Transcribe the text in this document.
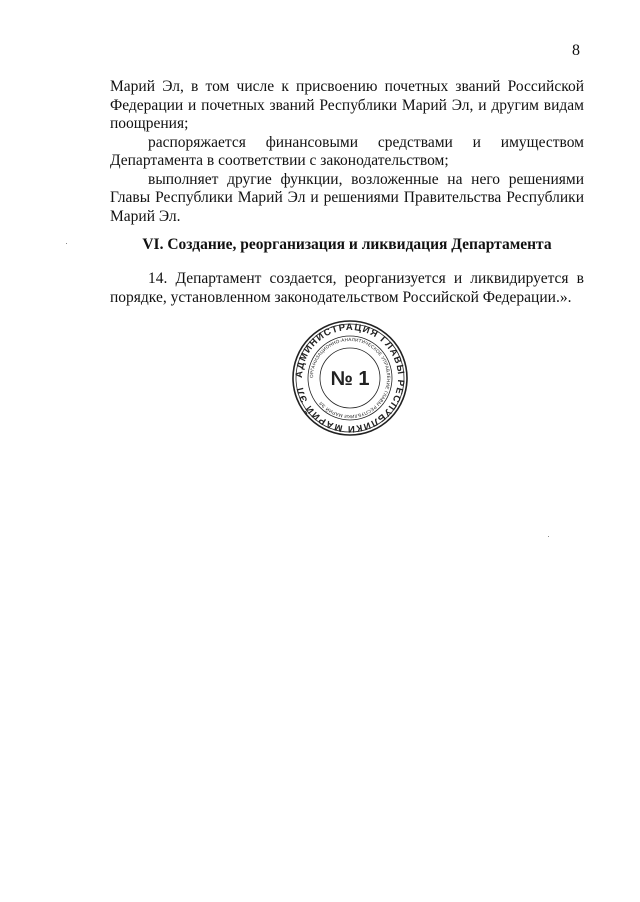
8

Марий Эл, в том числе к присвоению почетных званий Российской Федерации и почетных званий Республики Марий Эл, и другим видам поощрения;

распоряжается финансовыми средствами и имуществом Департамента в соответствии с законодательством;

выполняет другие функции, возложенные на него решениями Главы Республики Марий Эл и решениями Правительства Республики Марий Эл.

VI. Создание, реорганизация и ликвидация Департамента

14. Департамент создается, реорганизуется и ликвидируется в порядке, установленном законодательством Российской Федерации.».

АДМИНИСТРАЦИЯ ГЛАВЫ РЕСПУБЛИКИ МАРИЙ ЭЛ
ОРГАНИЗАЦИОННО-АНАЛИТИЧЕСКОЕ УПРАВЛЕНИЕ ГЛАВЫ РЕСПУБЛИКИ МАРИЙ ЭЛ
№ 1
